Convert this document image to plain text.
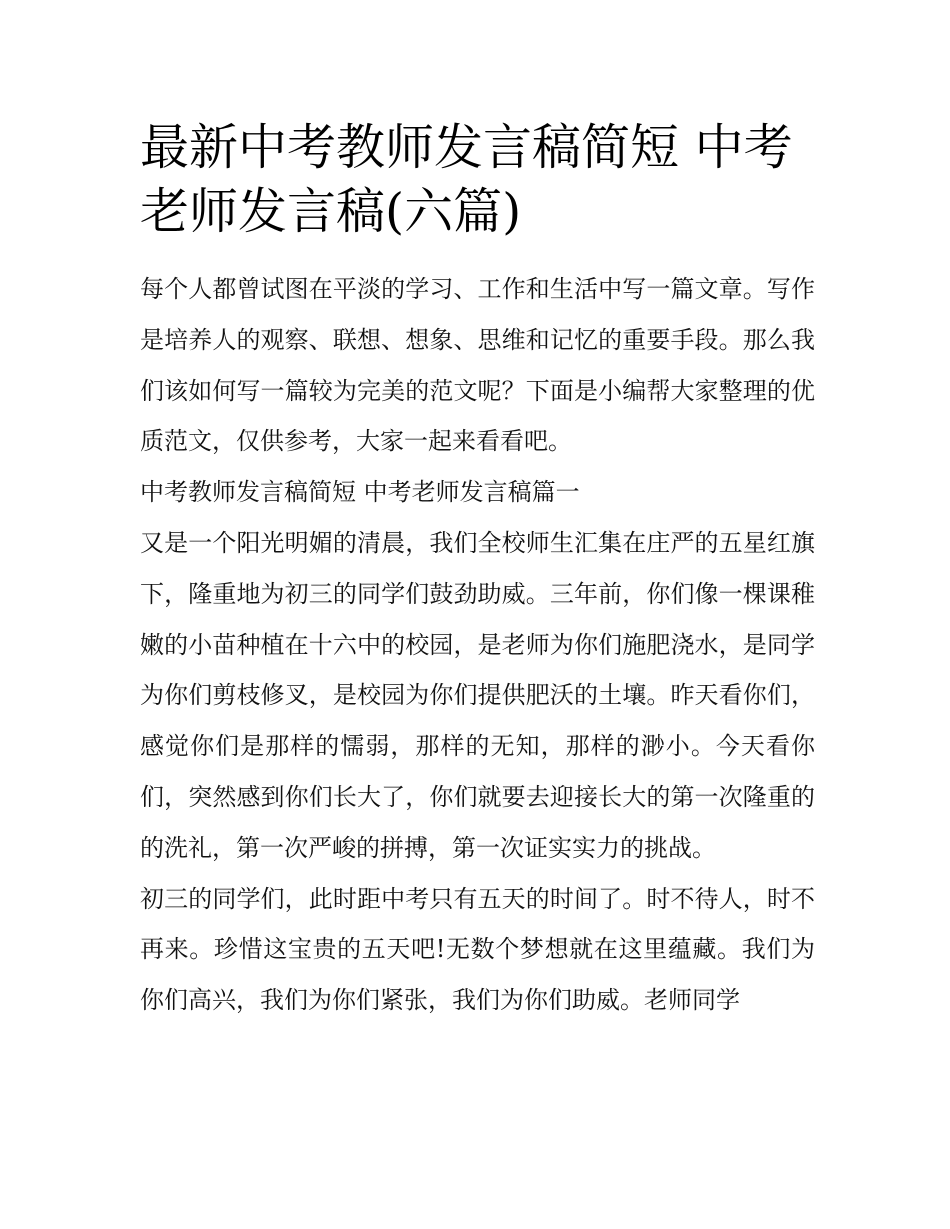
最新中考教师发言稿简短 中考老师发言稿(六篇)

每个人都曾试图在平淡的学习、工作和生活中写一篇文章。写作是培养人的观察、联想、想象、思维和记忆的重要手段。那么我们该如何写一篇较为完美的范文呢？下面是小编帮大家整理的优质范文，仅供参考，大家一起来看看吧。

中考教师发言稿简短 中考老师发言稿篇一

又是一个阳光明媚的清晨，我们全校师生汇集在庄严的五星红旗下，隆重地为初三的同学们鼓劲助威。三年前，你们像一棵课稚嫩的小苗种植在十六中的校园，是老师为你们施肥浇水，是同学为你们剪枝修叉，是校园为你们提供肥沃的土壤。昨天看你们，感觉你们是那样的懦弱，那样的无知，那样的渺小。今天看你们，突然感到你们长大了，你们就要去迎接长大的第一次隆重的的洗礼，第一次严峻的拼搏，第一次证实实力的挑战。

初三的同学们，此时距中考只有五天的时间了。时不待人，时不再来。珍惜这宝贵的五天吧!无数个梦想就在这里蕴藏。我们为你们高兴，我们为你们紧张，我们为你们助威。老师同学
